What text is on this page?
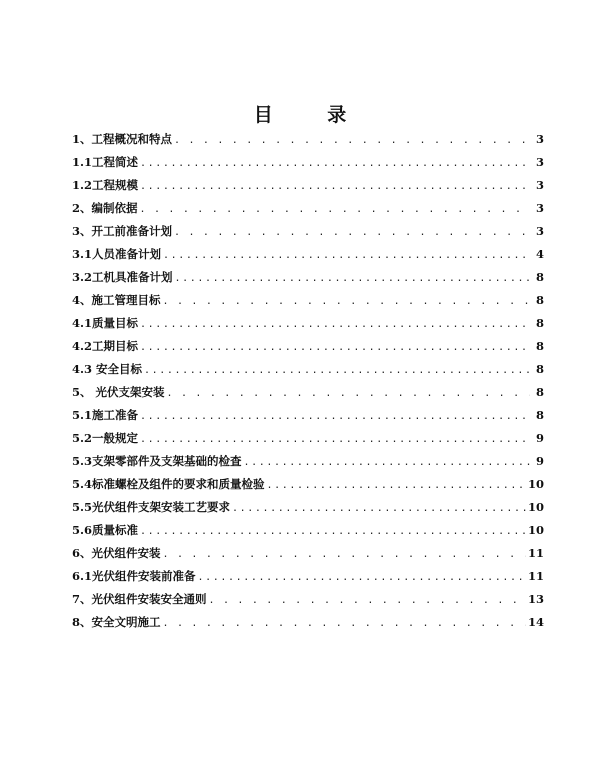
目 录
1、工程概况和特点 . . .	3
1.1工程简述 .....	3
1.2工程规模 .....	3
2、编制依据 . . .	3
3、开工前准备计划 . . .	3
3.1人员准备计划 .....	4
3.2工机具准备计划 .....	8
4、施工管理目标 . . .	8
4.1质量目标 .....	8
4.2工期目标 .....	8
4.3 安全目标 .....	8
5、 光伏支架安装 . . .	8
5.1施工准备 .....	8
5.2一般规定 .....	9
5.3支架零部件及支架基础的检查 .....	9
5.4标准螺栓及组件的要求和质量检验 .....	10
5.5光伏组件支架安装工艺要求 .....	10
5.6质量标准 .....	10
6、光伏组件安装 . . .	11
6.1光伏组件安装前准备 .....	11
7、光伏组件安装安全通则 . . .	13
8、安全文明施工 . . .	14
